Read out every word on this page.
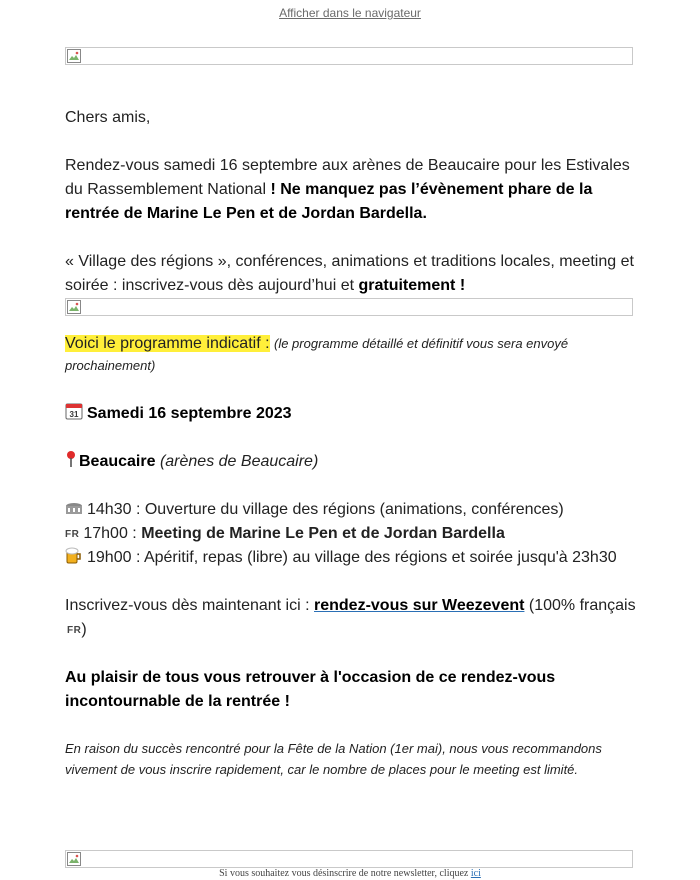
Afficher dans le navigateur
Chers amis,
Rendez-vous samedi 16 septembre aux arènes de Beaucaire pour les Estivales du Rassemblement National ! Ne manquez pas l’évènement phare de la rentrée de Marine Le Pen et de Jordan Bardella.
« Village des régions », conférences, animations et traditions locales, meeting et soirée : inscrivez-vous dès aujourd’hui et gratuitement !
Voici le programme indicatif : (le programme détaillé et définitif vous sera envoyé prochainement)
31 Samedi 16 septembre 2023
Beaucaire (arènes de Beaucaire)
14h30 : Ouverture du village des régions (animations, conférences)
FR 17h00 : Meeting de Marine Le Pen et de Jordan Bardella
19h00 : Apéritif, repas (libre) au village des régions et soirée jusqu'à 23h30
Inscrivez-vous dès maintenant ici : rendez-vous sur Weezevent (100% français FR)
Au plaisir de tous vous retrouver à l'occasion de ce rendez-vous incontournable de la rentrée !
En raison du succès rencontré pour la Fête de la Nation (1er mai), nous vous recommandons vivement de vous inscrire rapidement, car le nombre de places pour le meeting est limité.
Si vous souhaitez vous désinscrire de notre newsletter, cliquez ici
